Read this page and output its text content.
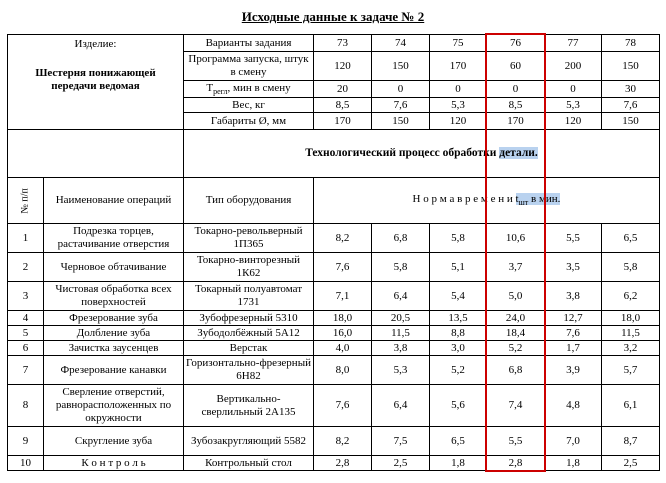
Исходные данные к задаче № 2
Изделие:
Шестерня понижающей передачи ведомая		Варианты задания	73	74	75	76	77	78
		Программа запуска, штук в смену	120	150	170	60	200	150
		$Т_{регл}$, мин в смену	20	0	0	0	0	30
		Вес, кг	8,5	7,6	5,3	8,5	5,3	7,6
		Габариты Ø, мм	170	150	120	170	120	150
		Технологический процесс обработки детали.						

№ п/п	Наименование операций	Тип оборудования	Н о р м а в р е м е н и $t_{шт}$ в мин.					
1	Подрезка торцев, растачивание отверстия	Токарно-револьверный 1П365	8,2	6,8	5,8	10,6	5,5	6,5
2	Черновое обтачивание	Токарно-винторезный 1К62	7,6	5,8	5,1	3,7	3,5	5,8
3	Чистовая обработка всех поверхностей	Токарный полуавтомат 1731	7,1	6,4	5,4	5,0	3,8	6,2
4	Фрезерование зуба	Зубофрезерный 5310	18,0	20,5	13,5	24,0	12,7	18,0
5	Долбление зуба	Зубодолбёжный 5А12	16,0	11,5	8,8	18,4	7,6	11,5
6	Зачистка заусенцев	Верстак	4,0	3,8	3,0	5,2	1,7	3,2
7	Фрезерование канавки	Горизонтально-фрезерный 6Н82	8,0	5,3	5,2	6,8	3,9	5,7
8	Сверление отверстий, равнорасположенных по окружности	Вертикально-сверлильный 2А135	7,6	6,4	5,6	7,4	4,8	6,1
9	Скругление зуба	Зубозакругляющий 5582	8,2	7,5	6,5	5,5	7,0	8,7
10	К о н т р о л ь	Контрольный стол	2,8	2,5	1,8	2,8	1,8	2,5
